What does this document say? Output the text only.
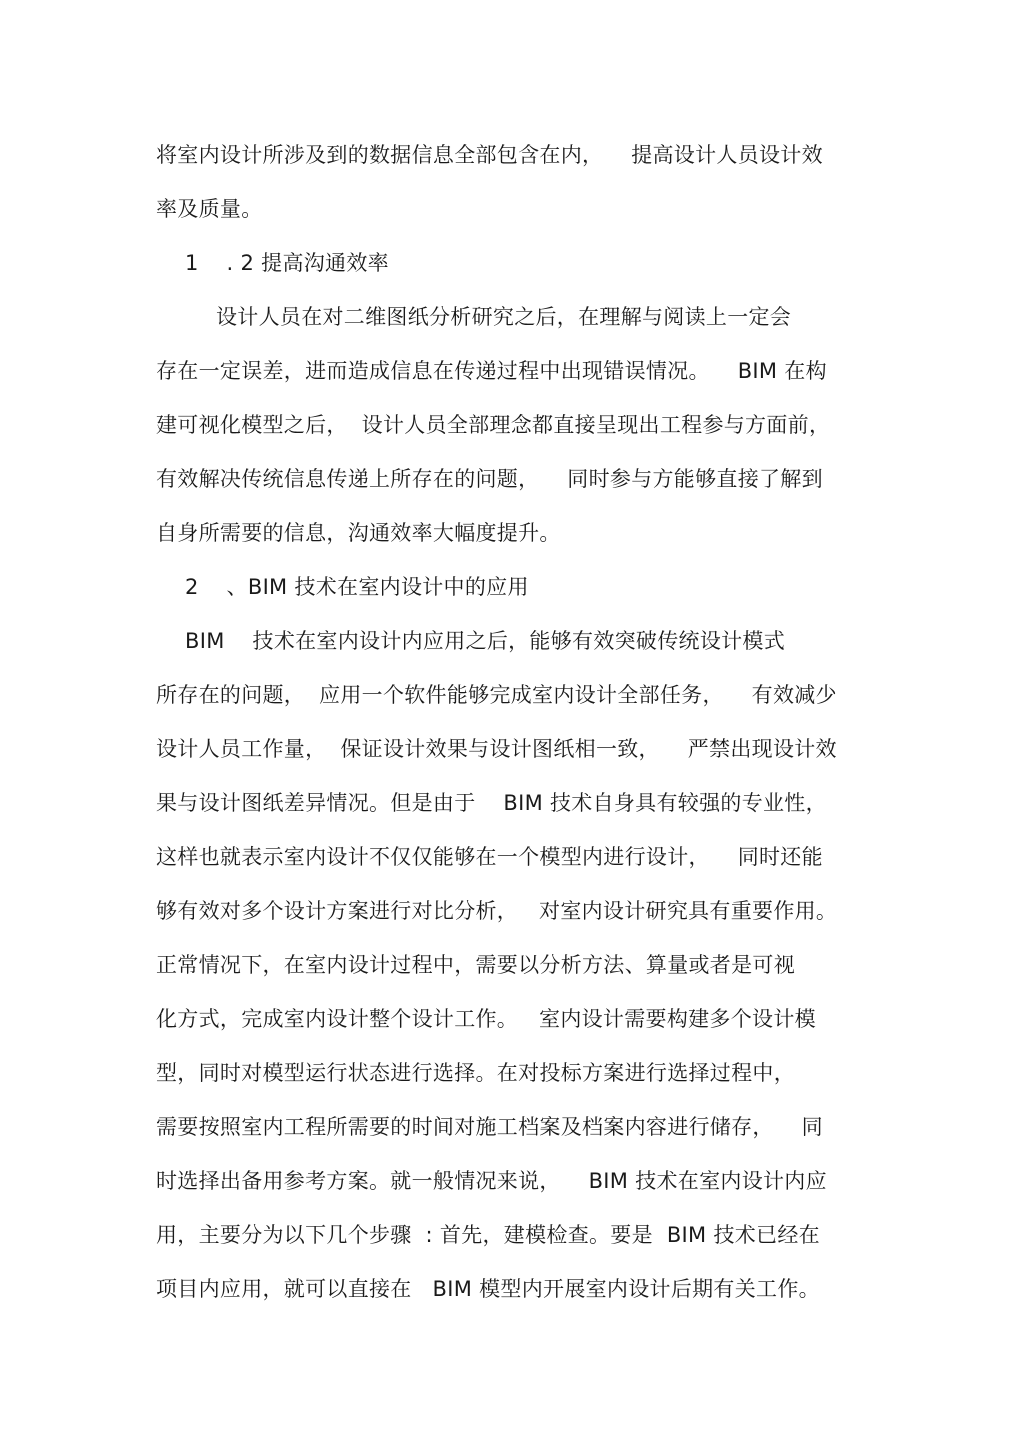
将室内设计所涉及到的数据信息全部包含在内，    提高设计人员设计效
率及质量。
1    . 2 提高沟通效率
设计人员在对二维图纸分析研究之后，在理解与阅读上一定会
存在一定误差，进而造成信息在传递过程中出现错误情况。    BIM 在构
建可视化模型之后，  设计人员全部理念都直接呈现出工程参与方面前，
有效解决传统信息传递上所存在的问题，    同时参与方能够直接了解到
自身所需要的信息，沟通效率大幅度提升。
2    、BIM 技术在室内设计中的应用
BIM    技术在室内设计内应用之后，能够有效突破传统设计模式
所存在的问题，  应用一个软件能够完成室内设计全部任务，    有效减少
设计人员工作量，  保证设计效果与设计图纸相一致，    严禁出现设计效
果与设计图纸差异情况。但是由于    BIM 技术自身具有较强的专业性，
这样也就表示室内设计不仅仅能够在一个模型内进行设计，    同时还能
够有效对多个设计方案进行对比分析，   对室内设计研究具有重要作用。
正常情况下，在室内设计过程中，需要以分析方法、算量或者是可视
化方式，完成室内设计整个设计工作。   室内设计需要构建多个设计模
型，同时对模型运行状态进行选择。在对投标方案进行选择过程中，
需要按照室内工程所需要的时间对施工档案及档案内容进行储存，    同
时选择出备用参考方案。就一般情况来说，    BIM 技术在室内设计内应
用，主要分为以下几个步骤  : 首先，建模检查。要是  BIM 技术已经在
项目内应用，就可以直接在   BIM 模型内开展室内设计后期有关工作。
